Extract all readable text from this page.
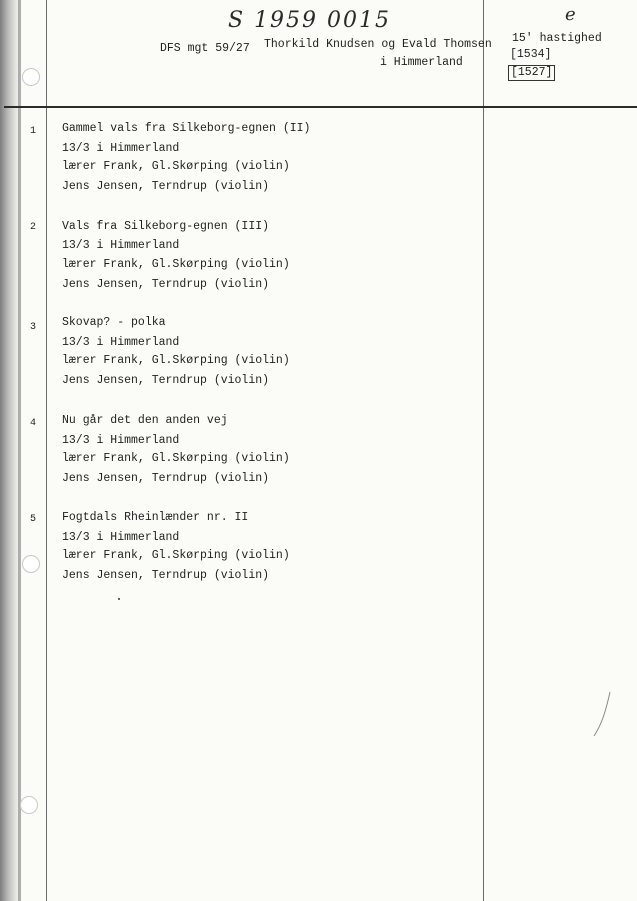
S 1959 0015
DFS mgt 59/27 Thorkild Knudsen og Evald Thomsen
i Himmerland
e
15' hastighed
[1534]
[1527]
1 Gammel vals fra Silkeborg-egnen (II)
13/3 i Himmerland
lærer Frank, Gl.Skørping (violin)
Jens Jensen, Terndrup (violin)
2 Vals fra Silkeborg-egnen (III)
13/3 i Himmerland
lærer Frank, Gl.Skørping (violin)
Jens Jensen, Terndrup (violin)
3 Skovap? - polka
13/3 i Himmerland
lærer Frank, Gl.Skørping (violin)
Jens Jensen, Terndrup (violin)
4 Nu går det den anden vej
13/3 i Himmerland
lærer Frank, Gl.Skørping (violin)
Jens Jensen, Terndrup (violin)
5 Fogtdals Rheinlænder nr. II
13/3 i Himmerland
lærer Frank, Gl.Skørping (violin)
Jens Jensen, Terndrup (violin)
